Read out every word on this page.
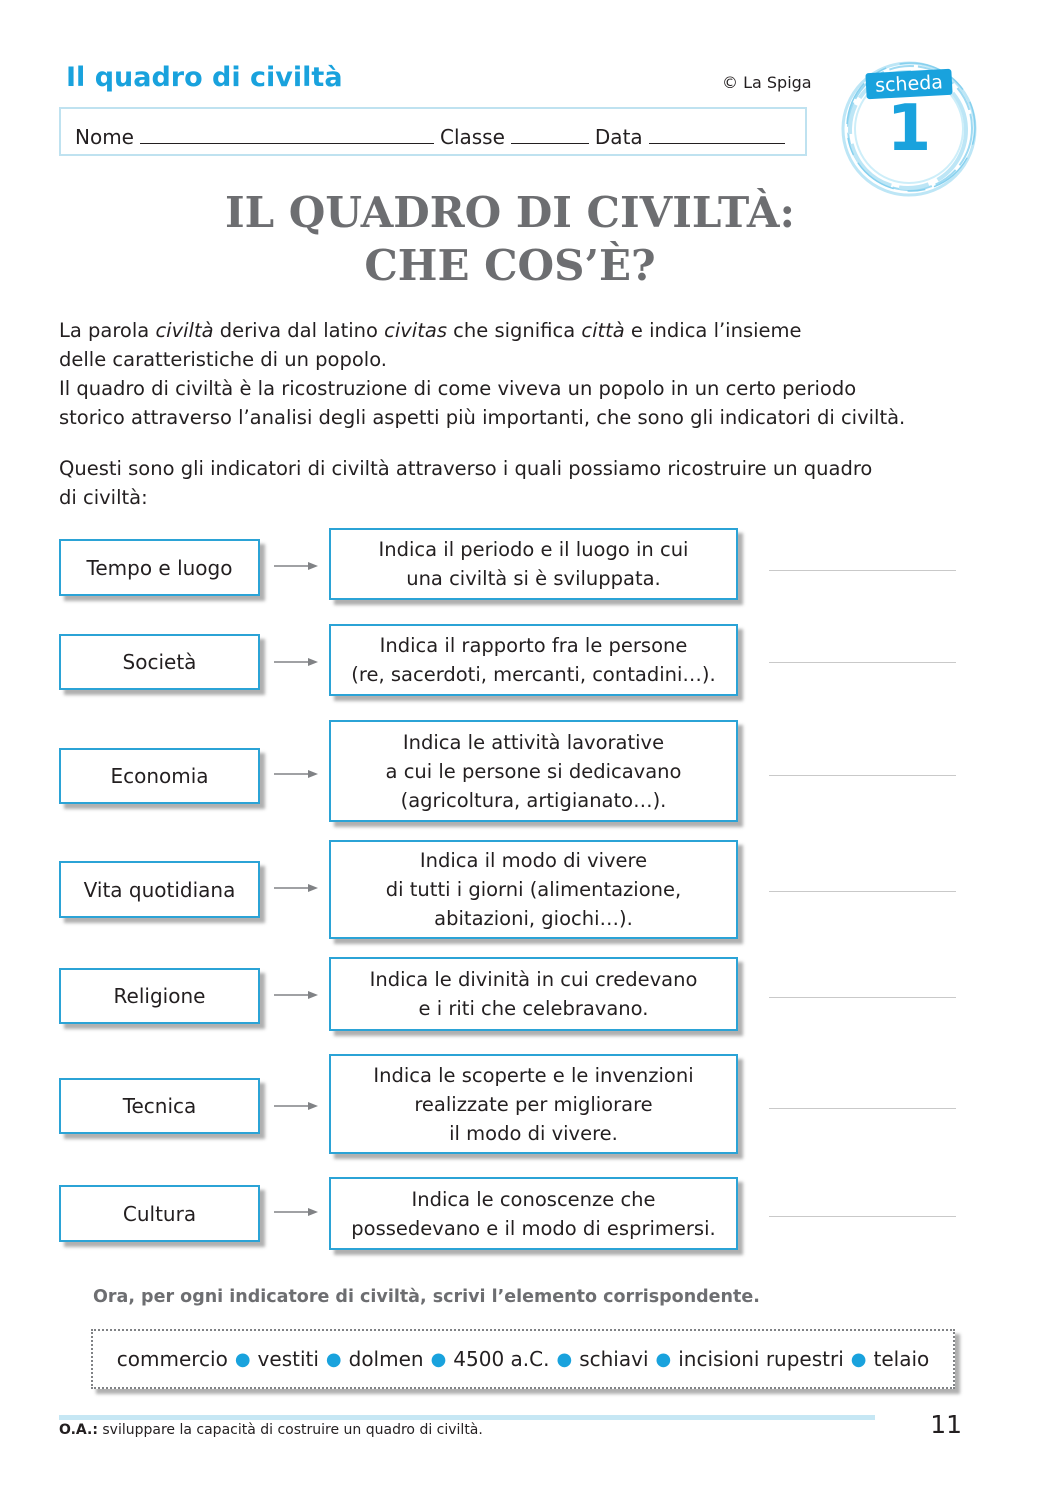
Il quadro di civiltà	© La Spiga	scheda
1
Nome	Classe	Data
IL QUADRO DI CIVILTÀ:
CHE COS’È?
La parola civiltà deriva dal latino civitas che significa città e indica l’insieme
delle caratteristiche di un popolo.
Il quadro di civiltà è la ricostruzione di come viveva un popolo in un certo periodo
storico attraverso l’analisi degli aspetti più importanti, che sono gli indicatori di civiltà.
Questi sono gli indicatori di civiltà attraverso i quali possiamo ricostruire un quadro
di civiltà:
Tempo e luogo
Indica il periodo e il luogo in cui
una civiltà si è sviluppata.
Società
Indica il rapporto fra le persone
(re, sacerdoti, mercanti, contadini…).
Economia
Indica le attività lavorative
a cui le persone si dedicavano
(agricoltura, artigianato…).
Vita quotidiana
Indica il modo di vivere
di tutti i giorni (alimentazione,
abitazioni, giochi…).
Religione
Indica le divinità in cui credevano
e i riti che celebravano.
Tecnica
Indica le scoperte e le invenzioni
realizzate per migliorare
il modo di vivere.
Cultura
Indica le conoscenze che
possedevano e il modo di esprimersi.
Ora, per ogni indicatore di civiltà, scrivi l’elemento corrispondente.
commercio ● vestiti ● dolmen ● 4500 a.C. ● schiavi ● incisioni rupestri ● telaio
O.A.: sviluppare la capacità di costruire un quadro di civiltà.	11
